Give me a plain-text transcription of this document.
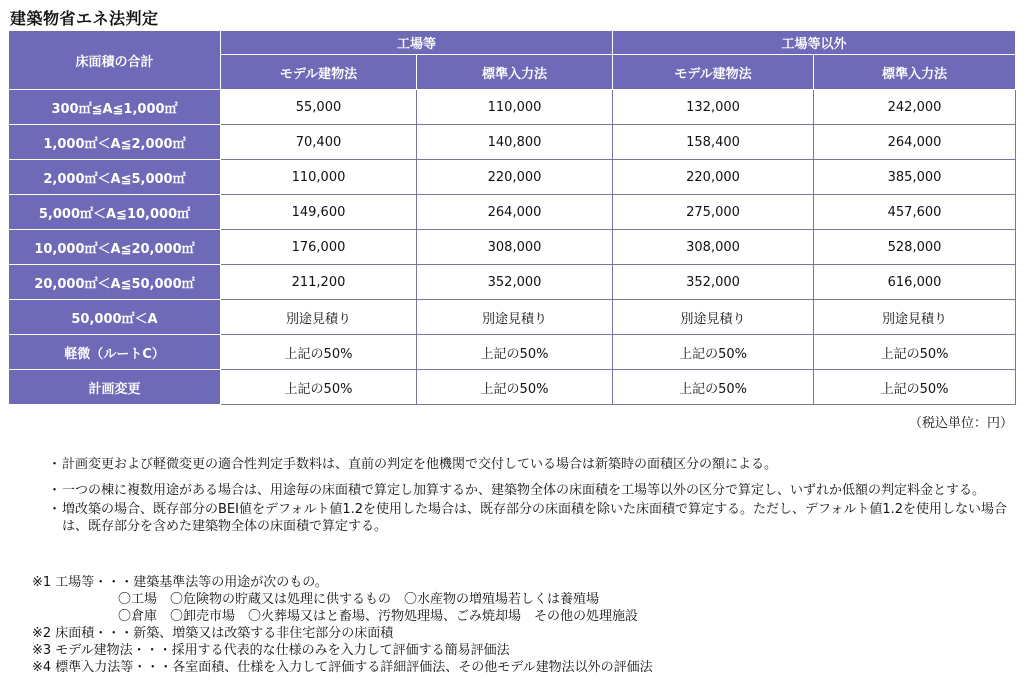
建築物省エネ法判定
床面積の合計	工場等		工場等以外	
	モデル建物法	標準入力法	モデル建物法	標準入力法
300㎡≦A≦1,000㎡	55,000	110,000	132,000	242,000
1,000㎡＜A≦2,000㎡	70,400	140,800	158,400	264,000
2,000㎡＜A≦5,000㎡	110,000	220,000	220,000	385,000
5,000㎡＜A≦10,000㎡	149,600	264,000	275,000	457,600
10,000㎡＜A≦20,000㎡	176,000	308,000	308,000	528,000
20,000㎡＜A≦50,000㎡	211,200	352,000	352,000	616,000
50,000㎡＜A	別途見積り	別途見積り	別途見積り	別途見積り
軽微（ルートC）	上記の50%	上記の50%	上記の50%	上記の50%
計画変更	上記の50%	上記の50%	上記の50%	上記の50%
（税込単位：円）
・ 計画変更および軽微変更の適合性判定手数料は、直前の判定を他機関で交付している場合は新築時の面積区分の額による。
・ 一つの棟に複数用途がある場合は、用途毎の床面積で算定し加算するか、建築物全体の床面積を工場等以外の区分で算定し、いずれか低額の判定料金とする。
・ 増改築の場合、既存部分のBEI値をデフォルト値1.2を使用した場合は、既存部分の床面積を除いた床面積で算定する。ただし、デフォルト値1.2を使用しない場合は、既存部分を含めた建築物全体の床面積で算定する。
※1 工場等・・・建築基準法等の用途が次のもの。
〇工場　〇危険物の貯蔵又は処理に供するもの　〇水産物の増殖場若しくは養殖場
〇倉庫　〇卸売市場　〇火葬場又はと畜場、汚物処理場、ごみ焼却場　その他の処理施設
※2 床面積・・・新築、増築又は改築する非住宅部分の床面積
※3 モデル建物法・・・採用する代表的な仕様のみを入力して評価する簡易評価法
※4 標準入力法等・・・各室面積、仕様を入力して評価する詳細評価法、その他モデル建物法以外の評価法
